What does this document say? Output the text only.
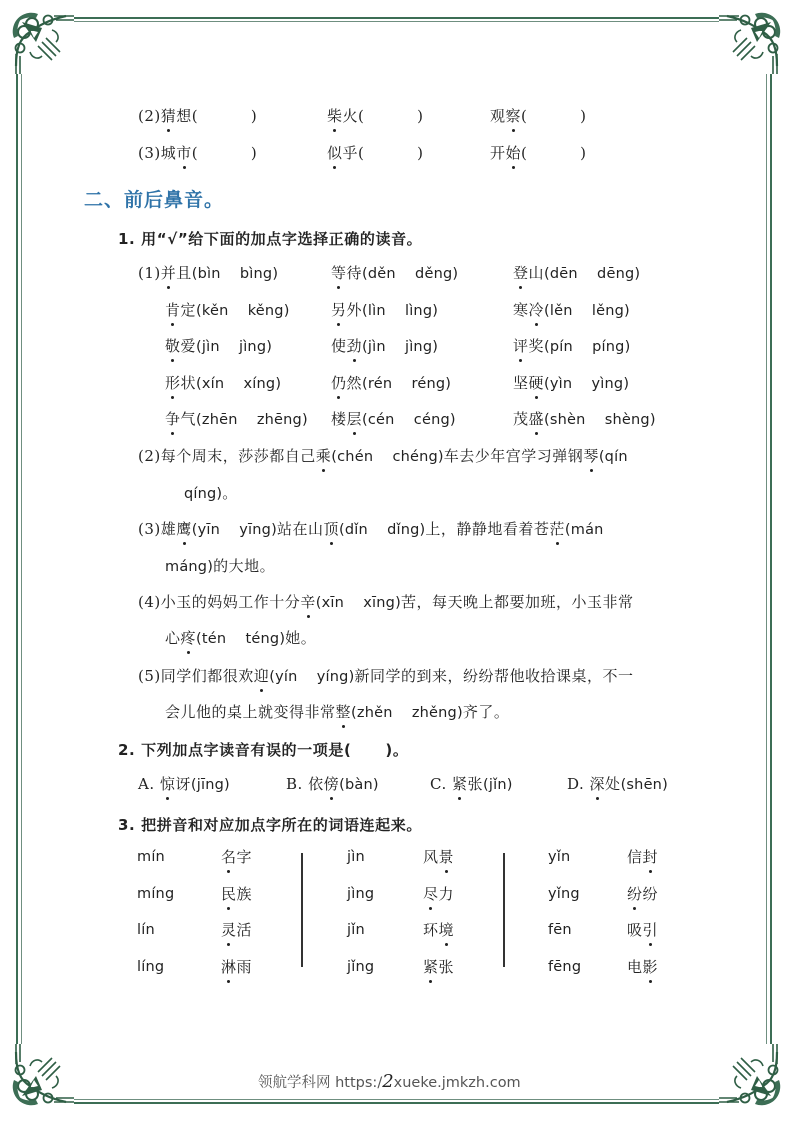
(2)猜想(          )	柴火(          )	观察(          )
(3)城市(          )	似乎(          )	开始(          )
二、前后鼻音。
1. 用“√”给下面的加点字选择正确的读音。
(1)并且(bìn    bìng)	等待(děn    děng)	登山(dēn    dēng)
肯定(kěn    kěng)	另外(lìn    lìng)	寒冷(lěn    lěng)
敬爱(jìn    jìng)	使劲(jìn    jìng)	评奖(pín    píng)
形状(xín    xíng)	仍然(rén    réng)	坚硬(yìn    yìng)
争气(zhēn    zhēng) 楼层(cén    céng)	茂盛(shèn    shèng)
(2)每个周末，莎莎都自己乘(chén    chéng)车去少年宫学习弹钢琴(qín
qíng)。
(3)雄鹰(yīn    yīng)站在山顶(dǐn    dǐng)上，静静地看着苍茫(mán
máng)的大地。
(4)小玉的妈妈工作十分辛(xīn    xīng)苦，每天晚上都要加班，小玉非常
心疼(tén    téng)她。
(5)同学们都很欢迎(yín    yíng)新同学的到来，纷纷帮他收拾课桌，不一
会儿他的桌上就变得非常整(zhěn    zhěng)齐了。
2. 下列加点字读音有误的一项是( )。
A. 惊讶(jīng)	B. 依傍(bàn)	C. 紧张(jǐn)	D. 深处(shēn)
3. 把拼音和对应加点字所在的词语连起来。
mín	名字
míng	民族
lín	灵活
líng	淋雨
jìn	风景
jìng	尽力
jǐn	环境
jǐng	紧张
yǐn	信封
yǐng	纷纷
fēn	吸引
fēng	电影
领航学科网 https:/2xueke.jmkzh.com
